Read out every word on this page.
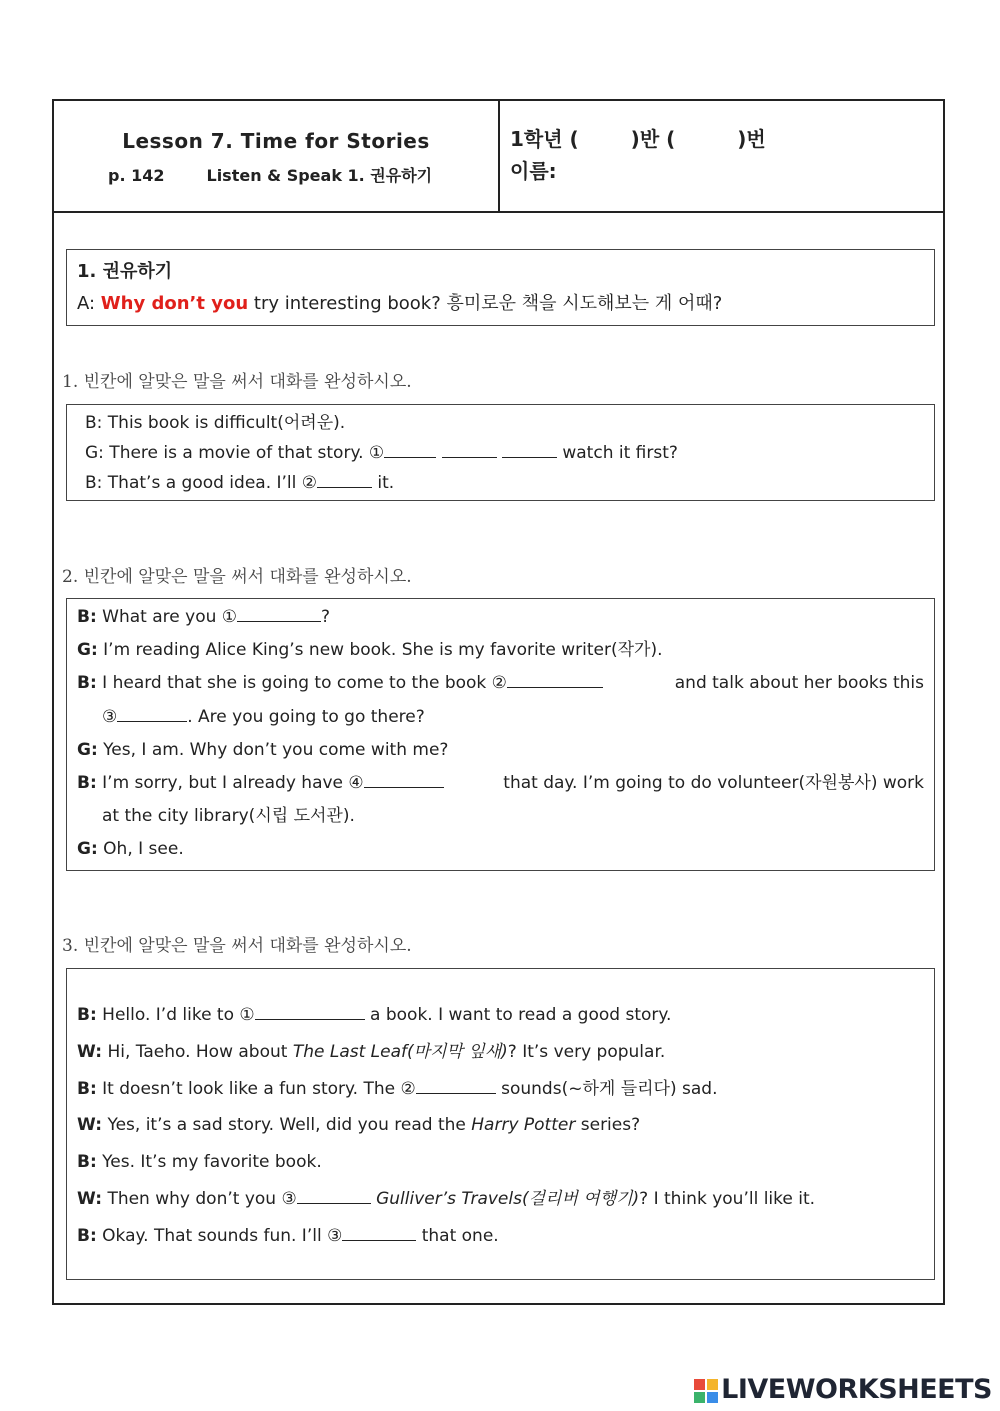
Lesson 7. Time for Stories
p. 142	Listen & Speak 1. 권유하기
1학년 (	)반 (	)번
이름:
1. 권유하기
A: Why don’t you try interesting book? 흥미로운 책을 시도해보는 게 어때?
1. 빈칸에 알맞은 말을 써서 대화를 완성하시오.
B: This book is difficult(어려운).
G: There is a movie of that story. ①	watch it first?
B: That’s a good idea. I’ll ②	it.
2. 빈칸에 알맞은 말을 써서 대화를 완성하시오.
B: What are you ①	?
G: I’m reading Alice King’s new book. She is my favorite writer(작가).
B: I heard that she is going to come to the book ②	and talk about her books this
③	. Are you going to go there?
G: Yes, I am. Why don’t you come with me?
B: I’m sorry, but I already have ④	that day. I’m going to do volunteer(자원봉사) work
at the city library(시립 도서관).
G: Oh, I see.
3. 빈칸에 알맞은 말을 써서 대화를 완성하시오.
B: Hello. I’d like to ①	a book. I want to read a good story.
W: Hi, Taeho. How about The Last Leaf(마지막 잎새)? It’s very popular.
B: It doesn’t look like a fun story. The ②	sounds(~하게 들리다) sad.
W: Yes, it’s a sad story. Well, did you read the Harry Potter series?
B: Yes. It’s my favorite book.
W: Then why don’t you ③	Gulliver’s Travels(걸리버 여행기)? I think you’ll like it.
B: Okay. That sounds fun. I’ll ③	that one.
LIVEWORKSHEETS
